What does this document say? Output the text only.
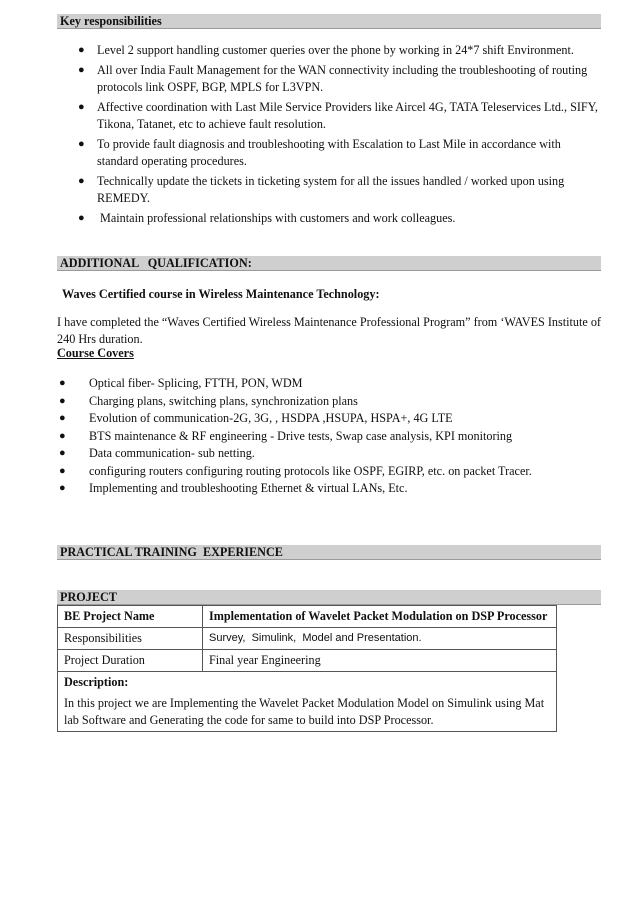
Key responsibilities
● Level 2 support handling customer queries over the phone by working in 24*7 shift Environment.
● All over India Fault Management for the WAN connectivity including the troubleshooting of routing protocols link OSPF, BGP, MPLS for L3VPN.
● Affective coordination with Last Mile Service Providers like Aircel 4G, TATA Teleservices Ltd., SIFY, Tikona, Tatanet, etc to achieve fault resolution.
● To provide fault diagnosis and troubleshooting with Escalation to Last Mile in accordance with standard operating procedures.
● Technically update the tickets in ticketing system for all the issues handled / worked upon using REMEDY.
● Maintain professional relationships with customers and work colleagues.
ADDITIONAL   QUALIFICATION:
Waves Certified course in Wireless Maintenance Technology:
I have completed the “Waves Certified Wireless Maintenance Professional Program” from ‘WAVES Institute of 240 Hrs duration.
Course Covers
● Optical fiber- Splicing, FTTH, PON, WDM
● Charging plans, switching plans, synchronization plans
● Evolution of communication-2G, 3G, , HSDPA ,HSUPA, HSPA+, 4G LTE
● BTS maintenance & RF engineering - Drive tests, Swap case analysis, KPI monitoring
● Data communication- sub netting.
● configuring routers configuring routing protocols like OSPF, EGIRP, etc. on packet Tracer.
● Implementing and troubleshooting Ethernet & virtual LANs, Etc.
PRACTICAL TRAINING  EXPERIENCE
PROJECT
BE Project Name	Implementation of Wavelet Packet Modulation on DSP Processor
Responsibilities	Survey,  Simulink,  Model and Presentation.
Project Duration	Final year Engineering

Description:
In this project we are Implementing the Wavelet Packet Modulation Model on Simulink using Mat lab Software and Generating the code for same to build into DSP Processor.	
